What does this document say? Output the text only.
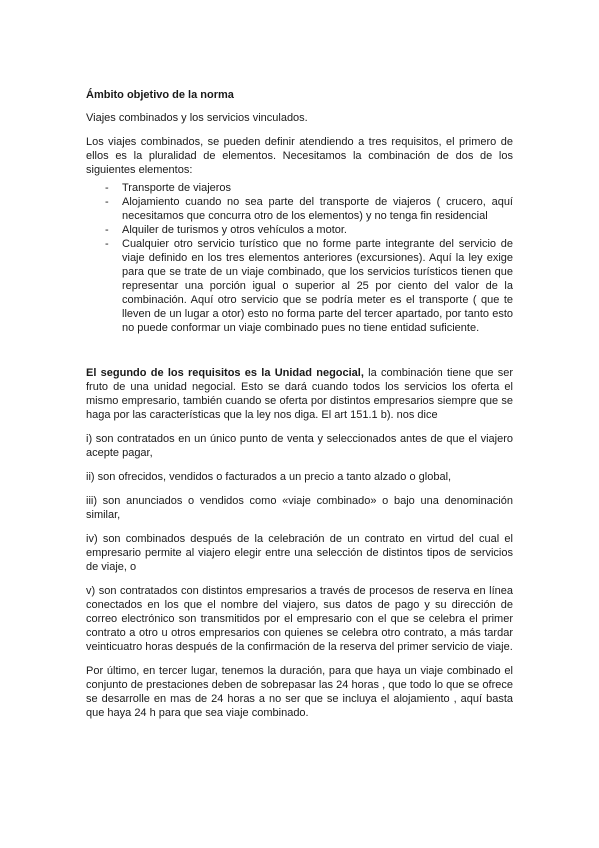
Ámbito objetivo de la norma

Viajes combinados y los servicios vinculados.

Los viajes combinados, se pueden definir atendiendo a tres requisitos, el primero de ellos es la pluralidad de elementos. Necesitamos la combinación de dos de los siguientes elementos:

- Transporte de viajeros
- Alojamiento cuando no sea parte del transporte de viajeros ( crucero, aquí necesitamos que concurra otro de los elementos) y no tenga fin residencial
- Alquiler de turismos y otros vehículos a motor.
- Cualquier otro servicio turístico que no forme parte integrante del servicio de viaje definido en los tres elementos anteriores (excursiones). Aquí la ley exige para que se trate de un viaje combinado, que los servicios turísticos tienen que representar una porción igual o superior al 25 por ciento del valor de la combinación. Aquí otro servicio que se podría meter es el transporte ( que te lleven de un lugar a otor) esto no forma parte del tercer apartado, por tanto esto no puede conformar un viaje combinado pues no tiene entidad suficiente.

El segundo de los requisitos es la Unidad negocial, la combinación tiene que ser fruto de una unidad negocial. Esto se dará cuando todos los servicios los oferta el mismo empresario, también cuando se oferta por distintos empresarios siempre que se haga por las características que la ley nos diga. El art 151.1 b). nos dice

i) son contratados en un único punto de venta y seleccionados antes de que el viajero acepte pagar,

ii) son ofrecidos, vendidos o facturados a un precio a tanto alzado o global,

iii) son anunciados o vendidos como «viaje combinado» o bajo una denominación similar,

iv) son combinados después de la celebración de un contrato en virtud del cual el empresario permite al viajero elegir entre una selección de distintos tipos de servicios de viaje, o

v) son contratados con distintos empresarios a través de procesos de reserva en línea conectados en los que el nombre del viajero, sus datos de pago y su dirección de correo electrónico son transmitidos por el empresario con el que se celebra el primer contrato a otro u otros empresarios con quienes se celebra otro contrato, a más tardar veinticuatro horas después de la confirmación de la reserva del primer servicio de viaje.

Por último, en tercer lugar, tenemos la duración, para que haya un viaje combinado el conjunto de prestaciones deben de sobrepasar las 24 horas , que todo lo que se ofrece se desarrolle en mas de 24 horas a no ser que se incluya el alojamiento , aquí basta que haya 24 h para que sea viaje combinado.
